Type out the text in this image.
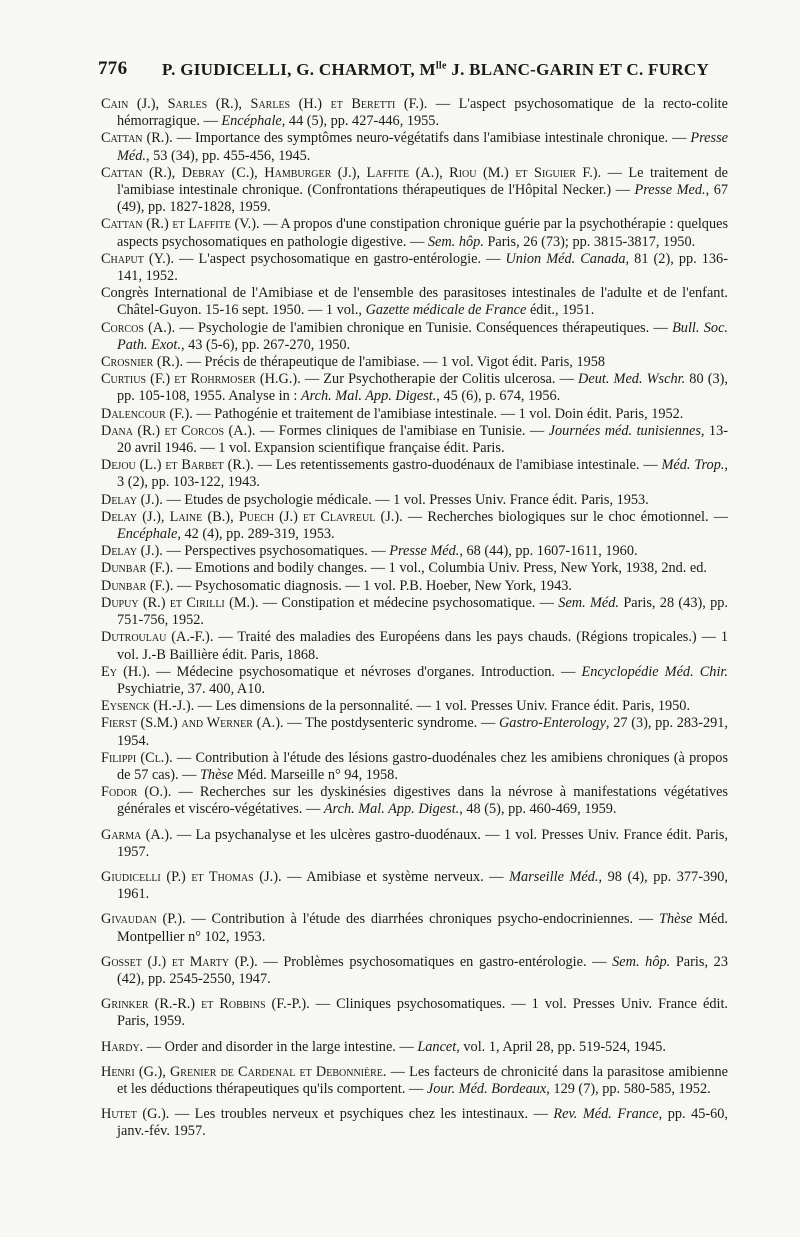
776 P. GIUDICELLI, G. CHARMOT, $M^{lle}$ J. BLANC-GARIN ET C. FURCY

Cain (J.), Sarles (R.), Sarles (H.) et Beretti (F.). — L'aspect psychosomatique de la recto-colite hémorragique. — Encéphale, 44 (5), pp. 427-446, 1955.

Cattan (R.). — Importance des symptômes neuro-végétatifs dans l'amibiase intestinale chronique. — Presse Méd., 53 (34), pp. 455-456, 1945.

Cattan (R.), Debray (C.), Hamburger (J.), Laffite (A.), Riou (M.) et Siguier F.). — Le traitement de l'amibiase intestinale chronique. (Confrontations thérapeutiques de l'Hôpital Necker.) — Presse Med., 67 (49), pp. 1827-1828, 1959.

Cattan (R.) et Laffite (V.). — A propos d'une constipation chronique guérie par la psychothérapie : quelques aspects psychosomatiques en pathologie digestive. — Sem. hôp. Paris, 26 (73); pp. 3815-3817, 1950.

Chaput (Y.). — L'aspect psychosomatique en gastro-entérologie. — Union Méd. Canada, 81 (2), pp. 136-141, 1952.

Congrès International de l'Amibiase et de l'ensemble des parasitoses intestinales de l'adulte et de l'enfant. Châtel-Guyon. 15-16 sept. 1950. — 1 vol., Gazette médicale de France édit., 1951.

Corcos (A.). — Psychologie de l'amibien chronique en Tunisie. Conséquences thérapeutiques. — Bull. Soc. Path. Exot., 43 (5-6), pp. 267-270, 1950.

Crosnier (R.). — Précis de thérapeutique de l'amibiase. — 1 vol. Vigot édit. Paris, 1958

Curtius (F.) et Rohrmoser (H.G.). — Zur Psychotherapie der Colitis ulcerosa. — Deut. Med. Wschr. 80 (3), pp. 105-108, 1955. Analyse in : Arch. Mal. App. Digest., 45 (6), p. 674, 1956.

Dalencour (F.). — Pathogénie et traitement de l'amibiase intestinale. — 1 vol. Doin édit. Paris, 1952.

Dana (R.) et Corcos (A.). — Formes cliniques de l'amibiase en Tunisie. — Journées méd. tunisiennes, 13-20 avril 1946. — 1 vol. Expansion scientifique française édit. Paris.

Dejou (L.) et Barbet (R.). — Les retentissements gastro-duodénaux de l'amibiase intestinale. — Méd. Trop., 3 (2), pp. 103-122, 1943.

Delay (J.). — Etudes de psychologie médicale. — 1 vol. Presses Univ. France édit. Paris, 1953.

Delay (J.), Laine (B.), Puech (J.) et Clavreul (J.). — Recherches biologiques sur le choc émotionnel. — Encéphale, 42 (4), pp. 289-319, 1953.

Delay (J.). — Perspectives psychosomatiques. — Presse Méd., 68 (44), pp. 1607-1611, 1960.

Dunbar (F.). — Emotions and bodily changes. — 1 vol., Columbia Univ. Press, New York, 1938, 2nd. ed.

Dunbar (F.). — Psychosomatic diagnosis. — 1 vol. P.B. Hoeber, New York, 1943.

Dupuy (R.) et Cirilli (M.). — Constipation et médecine psychosomatique. — Sem. Méd. Paris, 28 (43), pp. 751-756, 1952.

Dutroulau (A.-F.). — Traité des maladies des Européens dans les pays chauds. (Régions tropicales.) — 1 vol. J.-B Baillière édit. Paris, 1868.

Ey (H.). — Médecine psychosomatique et névroses d'organes. Introduction. — Encyclopédie Méd. Chir. Psychiatrie, 37. 400, A10.

Eysenck (H.-J.). — Les dimensions de la personnalité. — 1 vol. Presses Univ. France édit. Paris, 1950.

Fierst (S.M.) and Werner (A.). — The postdysenteric syndrome. — Gastro-Enterology, 27 (3), pp. 283-291, 1954.

Filippi (Cl.). — Contribution à l'étude des lésions gastro-duodénales chez les amibiens chroniques (à propos de 57 cas). — Thèse Méd. Marseille n° 94, 1958.

Fodor (O.). — Recherches sur les dyskinésies digestives dans la névrose à manifestations végétatives générales et viscéro-végétatives. — Arch. Mal. App. Digest., 48 (5), pp. 460-469, 1959.

Garma (A.). — La psychanalyse et les ulcères gastro-duodénaux. — 1 vol. Presses Univ. France édit. Paris, 1957.

Giudicelli (P.) et Thomas (J.). — Amibiase et système nerveux. — Marseille Méd., 98 (4), pp. 377-390, 1961.

Givaudan (P.). — Contribution à l'étude des diarrhées chroniques psycho-endocriniennes. — Thèse Méd. Montpellier n° 102, 1953.

Gosset (J.) et Marty (P.). — Problèmes psychosomatiques en gastro-entérologie. — Sem. hôp. Paris, 23 (42), pp. 2545-2550, 1947.

Grinker (R.-R.) et Robbins (F.-P.). — Cliniques psychosomatiques. — 1 vol. Presses Univ. France édit. Paris, 1959.

Hardy. — Order and disorder in the large intestine. — Lancet, vol. 1, April 28, pp. 519-524, 1945.

Henri (G.), Grenier de Cardenal et Debonnière. — Les facteurs de chronicité dans la parasitose amibienne et les déductions thérapeutiques qu'ils comportent. — Jour. Méd. Bordeaux, 129 (7), pp. 580-585, 1952.

Hutet (G.). — Les troubles nerveux et psychiques chez les intestinaux. — Rev. Méd. France, pp. 45-60, janv.-fév. 1957.
